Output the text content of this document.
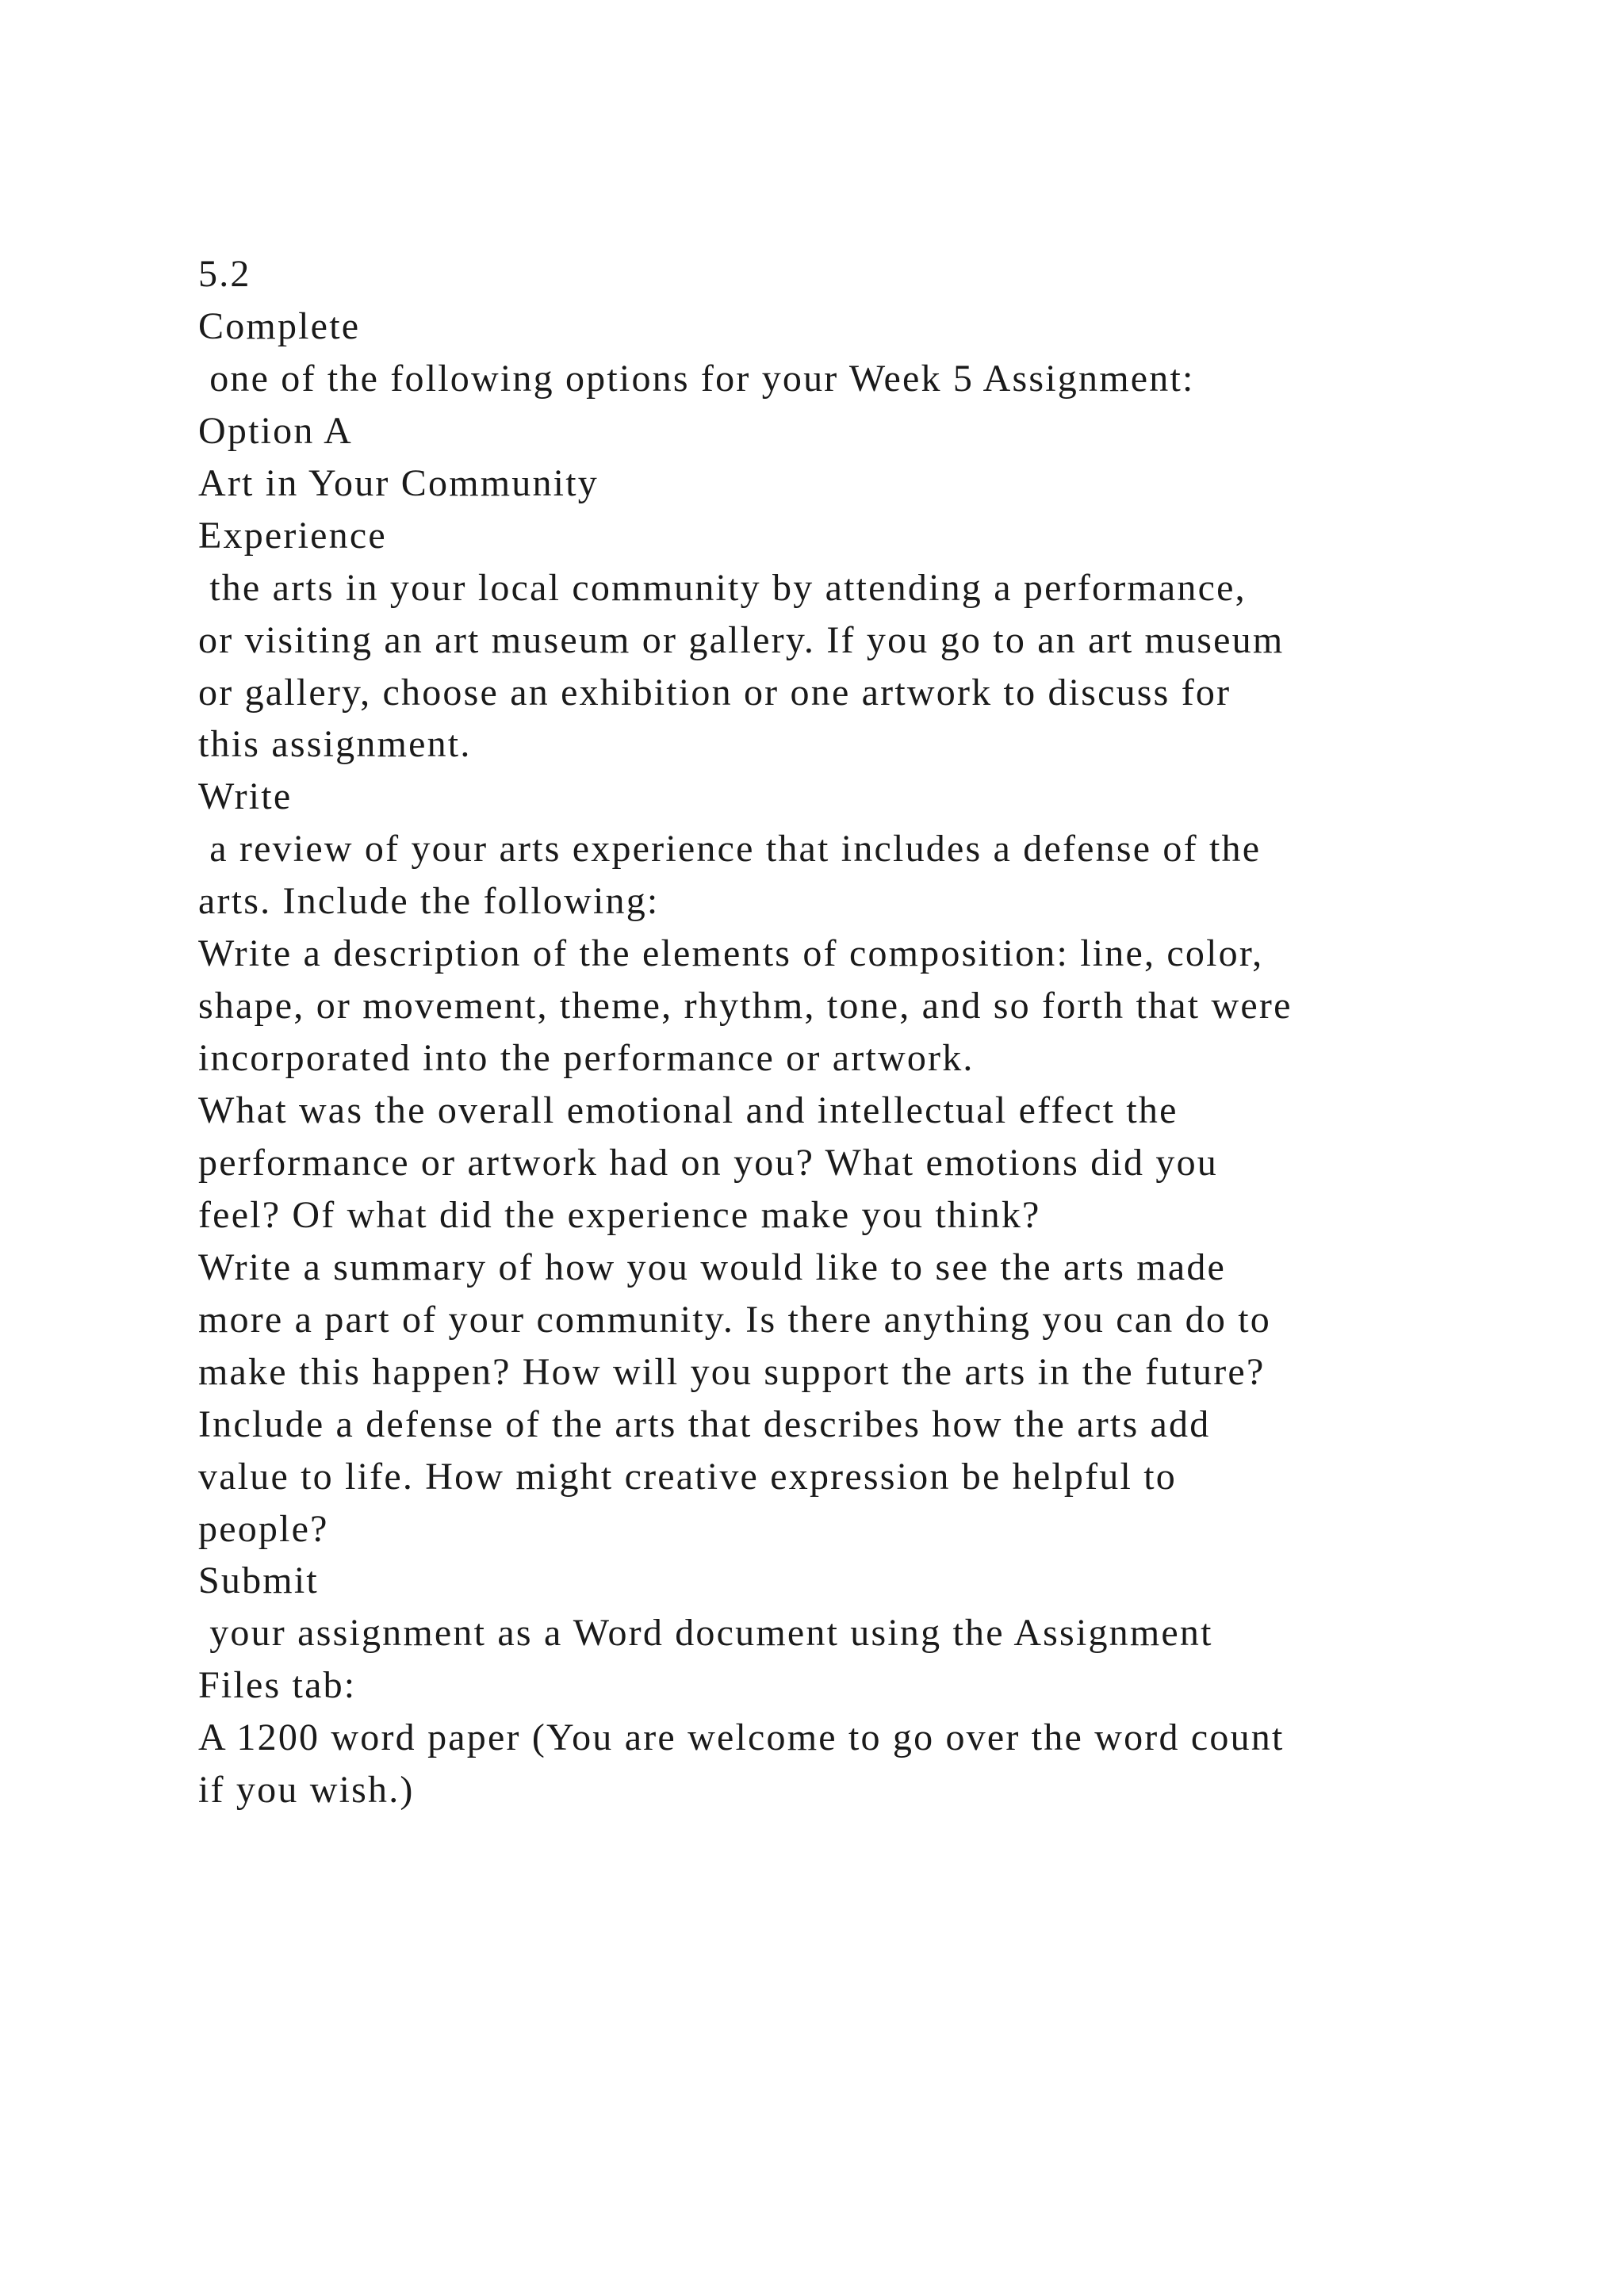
5.2
Complete
one of the following options for your Week 5 Assignment:
Option A
Art in Your Community
Experience
the arts in your local community by attending a performance,
or visiting an art museum or gallery. If you go to an art museum
or gallery, choose an exhibition or one artwork to discuss for
this assignment.
Write
a review of your arts experience that includes a defense of the
arts. Include the following:
Write a description of the elements of composition: line, color,
shape, or movement, theme, rhythm, tone, and so forth that were
incorporated into the performance or artwork.
What was the overall emotional and intellectual effect the
performance or artwork had on you? What emotions did you
feel? Of what did the experience make you think?
Write a summary of how you would like to see the arts made
more a part of your community. Is there anything you can do to
make this happen? How will you support the arts in the future?
Include a defense of the arts that describes how the arts add
value to life. How might creative expression be helpful to
people?
Submit
your assignment as a Word document using the Assignment
Files tab:
A 1200 word paper (You are welcome to go over the word count
if you wish.)
